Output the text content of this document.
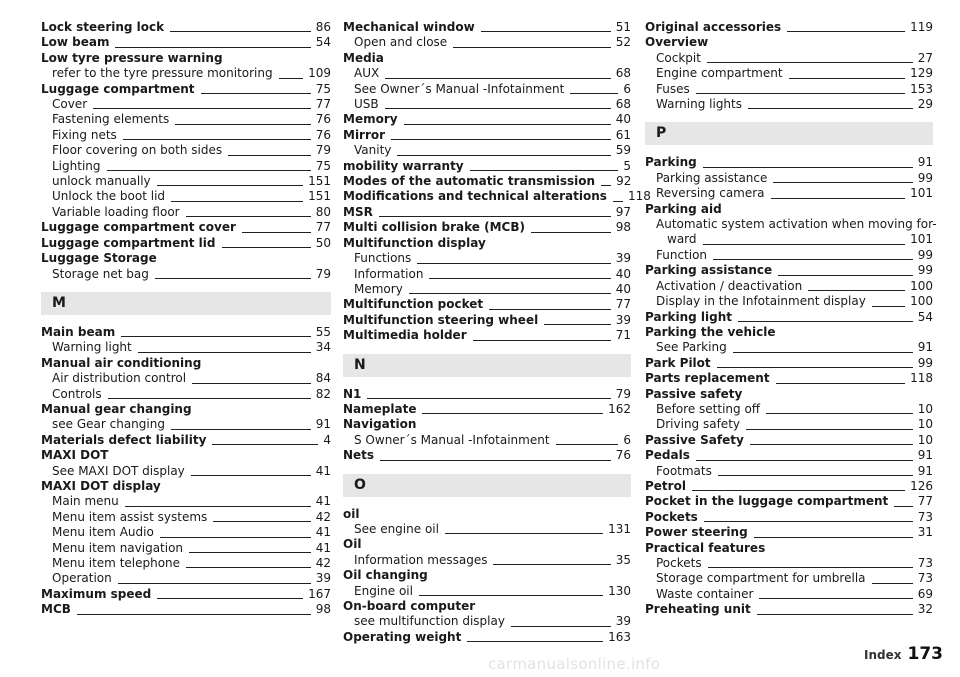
Lock steering lock	86
Low beam	54
Low tyre pressure warning
refer to the tyre pressure monitoring	109
Luggage compartment	75
Cover	77
Fastening elements	76
Fixing nets	76
Floor covering on both sides	79
Lighting	75
unlock manually	151
Unlock the boot lid	151
Variable loading floor	80
Luggage compartment cover	77
Luggage compartment lid	50
Luggage Storage
Storage net bag	79
M
Main beam	55
Warning light	34
Manual air conditioning
Air distribution control	84
Controls	82
Manual gear changing
see Gear changing	91
Materials defect liability	4
MAXI DOT
See MAXI DOT display	41
MAXI DOT display
Main menu	41
Menu item assist systems	42
Menu item Audio	41
Menu item navigation	41
Menu item telephone	42
Operation	39
Maximum speed	167
MCB	98
Mechanical window	51
Open and close	52
Media
AUX	68
See Owner´s Manual -Infotainment	6
USB	68
Memory	40
Mirror	61
Vanity	59
mobility warranty	5
Modes of the automatic transmission 92
Modifications and technical alterations 118
MSR	97
Multi collision brake (MCB)	98
Multifunction display
Functions	39
Information	40
Memory	40
Multifunction pocket	77
Multifunction steering wheel	39
Multimedia holder	71
N
N1	79
Nameplate	162
Navigation
S Owner´s Manual -Infotainment	6
Nets	76
O
oil
See engine oil	131
Oil
Information messages	35
Oil changing
Engine oil	130
On-board computer
see multifunction display	39
Operating weight	163
Original accessories	119
Overview
Cockpit	27
Engine compartment	129
Fuses	153
Warning lights	29
P
Parking	91
Parking assistance	99
Reversing camera	101
Parking aid
Automatic system activation when moving for-
ward	101
Function	99
Parking assistance	99
Activation / deactivation	100
Display in the Infotainment display	100
Parking light	54
Parking the vehicle
See Parking	91
Park Pilot	99
Parts replacement	118
Passive safety
Before setting off	10
Driving safety	10
Passive Safety	10
Pedals	91
Footmats	91
Petrol	126
Pocket in the luggage compartment 77
Pockets	73
Power steering	31
Practical features
Pockets	73
Storage compartment for umbrella	73
Waste container	69
Preheating unit	32
Index 173
carmanualsonline.info
